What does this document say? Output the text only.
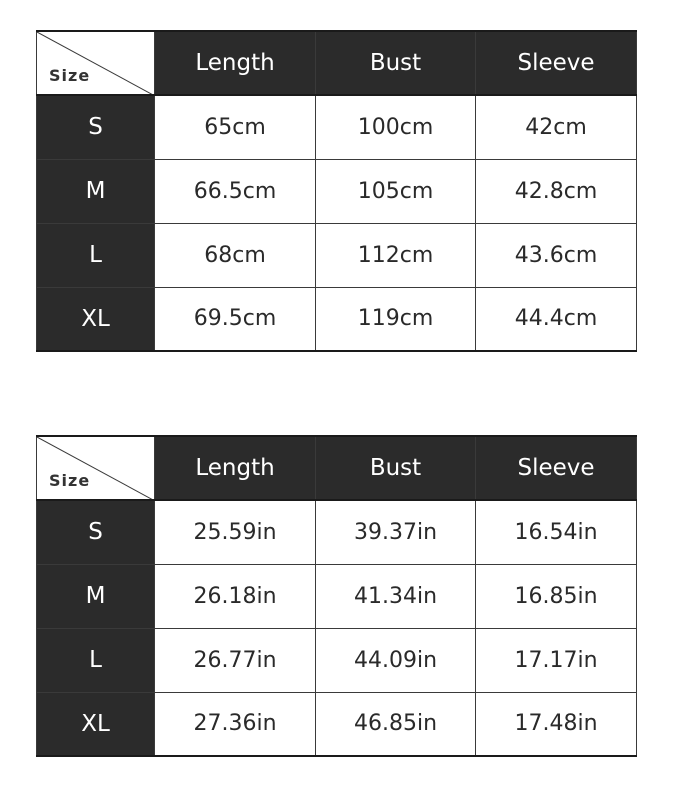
Size	Length	Bust	Sleeve
S	65cm	100cm	42cm
M	66.5cm	105cm	42.8cm
L	68cm	112cm	43.6cm
XL	69.5cm	119cm	44.4cm
Size	Length	Bust	Sleeve
S	25.59in	39.37in	16.54in
M	26.18in	41.34in	16.85in
L	26.77in	44.09in	17.17in
XL	27.36in	46.85in	17.48in
